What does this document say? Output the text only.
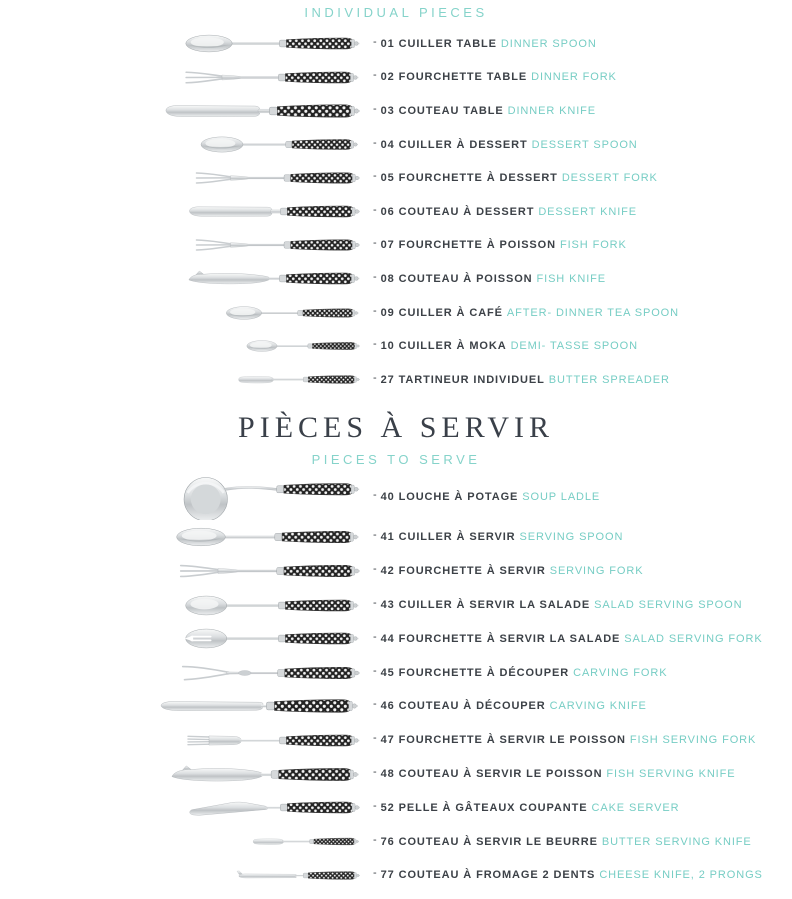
INDIVIDUAL PIECES
- 01 CUILLER TABLE DINNER SPOON
- 02 FOURCHETTE TABLE DINNER FORK
- 03 COUTEAU TABLE DINNER KNIFE
- 04 CUILLER À DESSERT DESSERT SPOON
- 05 FOURCHETTE À DESSERT DESSERT FORK
- 06 COUTEAU À DESSERT DESSERT KNIFE
- 07 FOURCHETTE À POISSON FISH FORK
- 08 COUTEAU À POISSON FISH KNIFE
- 09 CUILLER À CAFÉ AFTER- DINNER TEA SPOON
- 10 CUILLER À MOKA DEMI- TASSE SPOON
- 27 TARTINEUR INDIVIDUEL BUTTER SPREADER
PIÈCES À SERVIR
PIECES TO SERVE
- 40 LOUCHE À POTAGE SOUP LADLE
- 41 CUILLER À SERVIR SERVING SPOON
- 42 FOURCHETTE À SERVIR SERVING FORK
- 43 CUILLER À SERVIR LA SALADE SALAD SERVING SPOON
- 44 FOURCHETTE À SERVIR LA SALADE SALAD SERVING FORK
- 45 FOURCHETTE À DÉCOUPER CARVING FORK
- 46 COUTEAU À DÉCOUPER CARVING KNIFE
- 47 FOURCHETTE À SERVIR LE POISSON FISH SERVING FORK
- 48 COUTEAU À SERVIR LE POISSON FISH SERVING KNIFE
- 52 PELLE À GÂTEAUX COUPANTE CAKE SERVER
- 76 COUTEAU À SERVIR LE BEURRE BUTTER SERVING KNIFE
- 77 COUTEAU À FROMAGE 2 DENTS CHEESE KNIFE, 2 PRONGS
